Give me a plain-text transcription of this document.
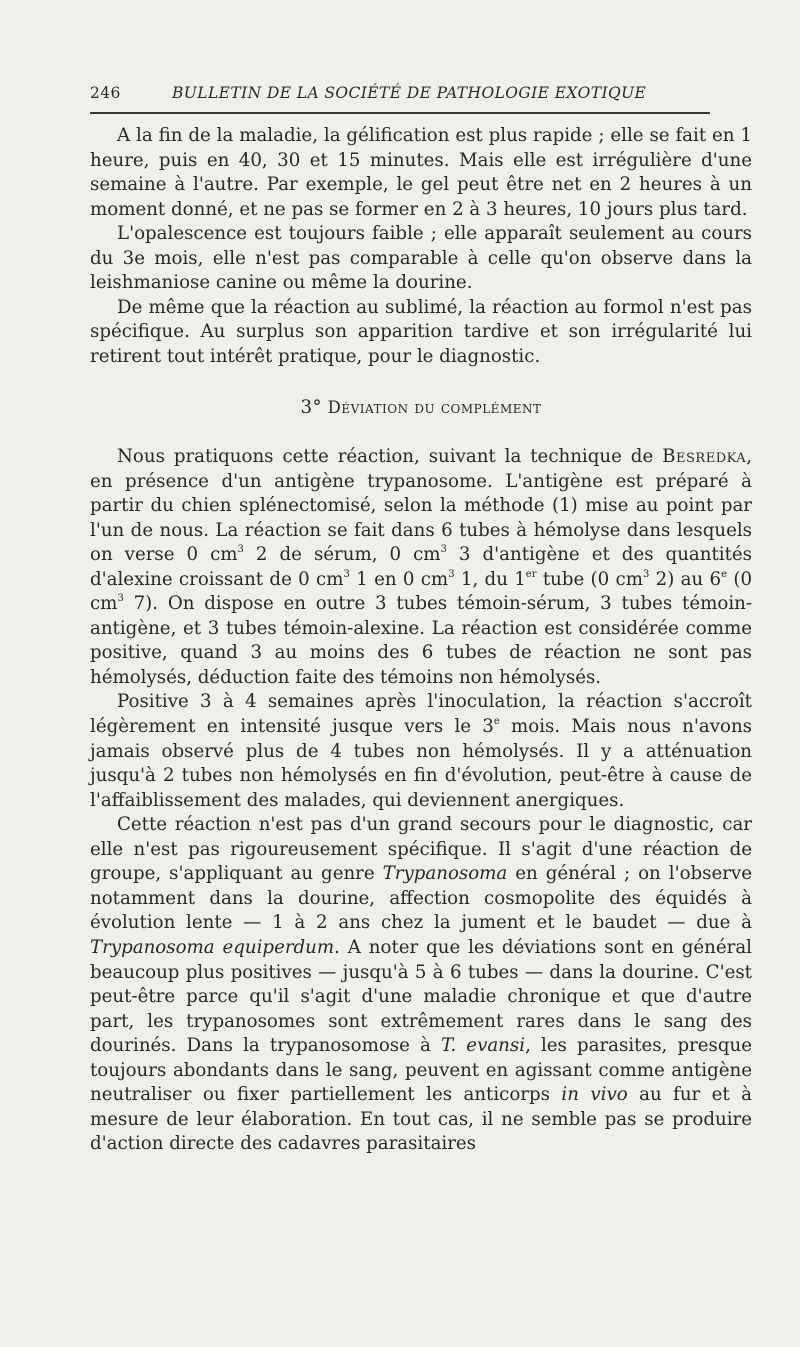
246	BULLETIN DE LA SOCIÉTÉ DE PATHOLOGIE EXOTIQUE

A la fin de la maladie, la gélification est plus rapide ; elle se fait en 1 heure, puis en 40, 30 et 15 minutes. Mais elle est irrégulière d'une semaine à l'autre. Par exemple, le gel peut être net en 2 heures à un moment donné, et ne pas se former en 2 à 3 heures, 10 jours plus tard.

L'opalescence est toujours faible ; elle apparaît seulement au cours du 3e mois, elle n'est pas comparable à celle qu'on observe dans la leishmaniose canine ou même la dourine.

De même que la réaction au sublimé, la réaction au formol n'est pas spécifique. Au surplus son apparition tardive et son irrégularité lui retirent tout intérêt pratique, pour le diagnostic.

3° Déviation du complément

Nous pratiquons cette réaction, suivant la technique de Besredka, en présence d'un antigène trypanosome. L'antigène est préparé à partir du chien splénectomisé, selon la méthode (1) mise au point par l'un de nous. La réaction se fait dans 6 tubes à hémolyse dans lesquels on verse 0 $cm^3$ 2 de sérum, 0 $cm^3$ 3 d'antigène et des quantités d'alexine croissant de 0 $cm^3$ 1 en 0 $cm^3$ 1, du 1er tube (0 $cm^3$ 2) au 6e (0 $cm^3$ 7). On dispose en outre 3 tubes témoin-sérum, 3 tubes témoin-antigène, et 3 tubes témoin-alexine. La réaction est considérée comme positive, quand 3 au moins des 6 tubes de réaction ne sont pas hémolysés, déduction faite des témoins non hémolysés.

Positive 3 à 4 semaines après l'inoculation, la réaction s'accroît légèrement en intensité jusque vers le 3e mois. Mais nous n'avons jamais observé plus de 4 tubes non hémolysés. Il y a atténuation jusqu'à 2 tubes non hémolysés en fin d'évolution, peut-être à cause de l'affaiblissement des malades, qui deviennent anergiques.

Cette réaction n'est pas d'un grand secours pour le diagnostic, car elle n'est pas rigoureusement spécifique. Il s'agit d'une réaction de groupe, s'appliquant au genre Trypanosoma en général ; on l'observe notamment dans la dourine, affection cosmopolite des équidés à évolution lente — 1 à 2 ans chez la jument et le baudet — due à Trypanosoma equiperdum. A noter que les déviations sont en général beaucoup plus positives — jusqu'à 5 à 6 tubes — dans la dourine. C'est peut-être parce qu'il s'agit d'une maladie chronique et que d'autre part, les trypanosomes sont extrêmement rares dans le sang des dourinés. Dans la trypanosomose à T. evansi, les parasites, presque toujours abondants dans le sang, peuvent en agissant comme antigène neutraliser ou fixer partiellement les anticorps in vivo au fur et à mesure de leur élaboration. En tout cas, il ne semble pas se produire d'action directe des cadavres parasitaires
